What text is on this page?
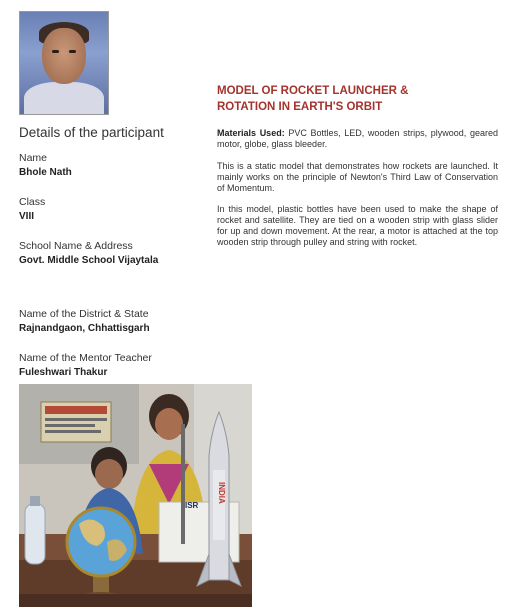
Details of the participant
Name
Bhole Nath
Class
VIII
School Name & Address
Govt. Middle School Vijaytala
Name of the District & State
Rajnandgaon, Chhattisgarh
Name of the Mentor Teacher
Fuleshwari Thakur
MODEL OF ROCKET LAUNCHER &
ROTATION IN EARTH'S ORBIT
Materials Used: PVC Bottles, LED, wooden strips, plywood, geared motor, globe, glass bleeder.
This is a static model that demonstrates how rockets are launched. It mainly works on the principle of Newton's Third Law of Conservation of Momentum.
In this model, plastic bottles have been used to make the shape of rocket and satellite. They are tied on a wooden strip with glass slider for up and down movement. At the rear, a motor is attached at the top wooden strip through pulley and string with rocket.
ISR
INDIA
